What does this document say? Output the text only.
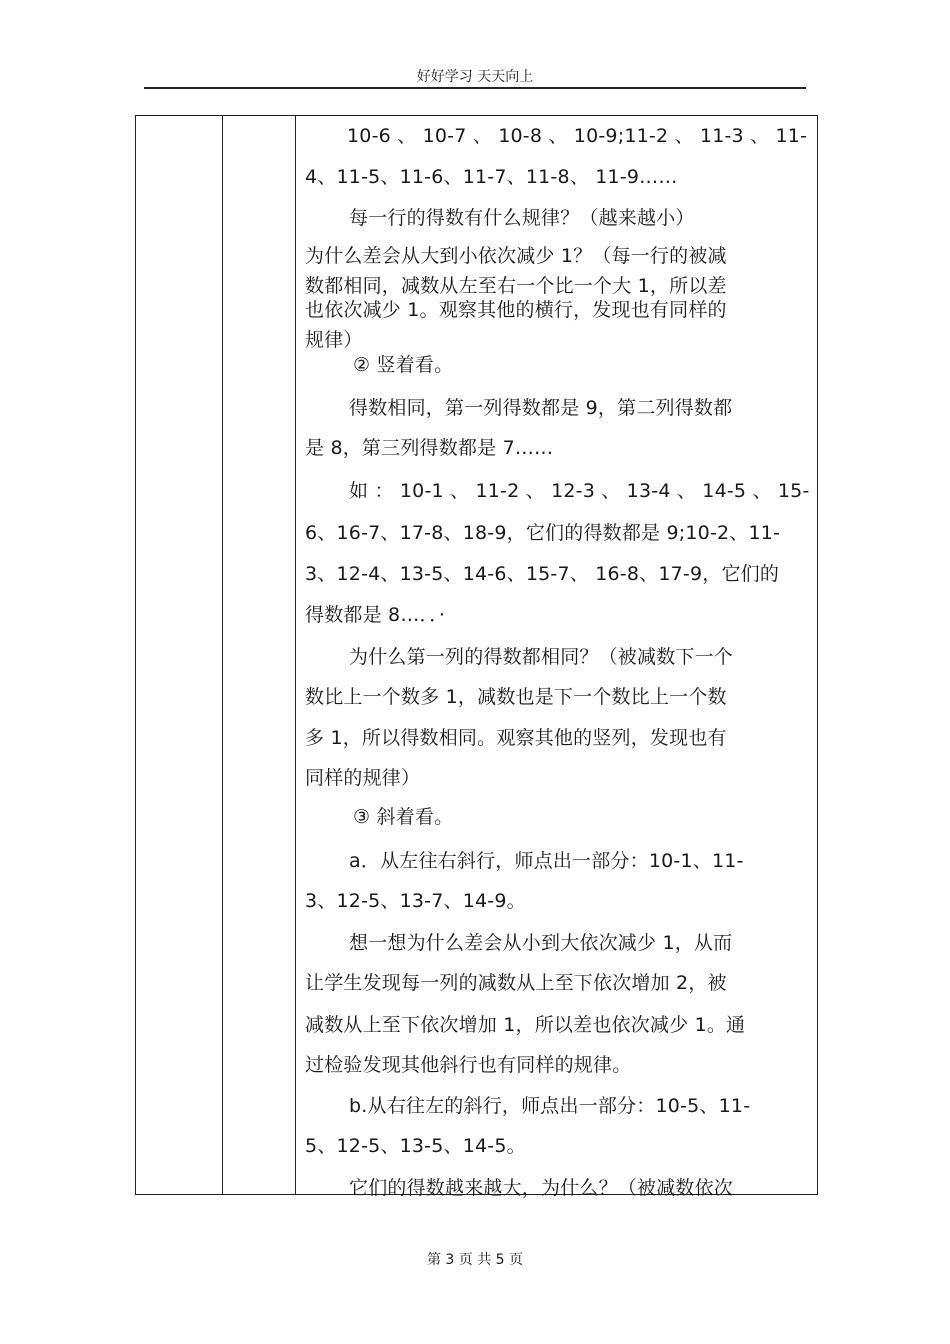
好好学习 天天向上
10-6 、 10-7 、 10-8 、 10-9;11-2 、 11-3 、 11-
4、11-5、11-6、11-7、11-8、 11-9……
每一行的得数有什么规律？（越来越小）
为什么差会从大到小依次减少 1？（每一行的被减
数都相同，减数从左至右一个比一个大 1，所以差
也依次减少 1。观察其他的横行，发现也有同样的
规律）
② 竖着看。
得数相同，第一列得数都是 9，第二列得数都
是 8，第三列得数都是 7……
如 ： 10-1 、 11-2 、 12-3 、 13-4 、 14-5 、 15-
6、16-7、17-8、18-9，它们的得数都是 9;10-2、11-
3、12-4、13-5、14-6、15-7、 16-8、17-9，它们的
得数都是 8…．．·
为什么第一列的得数都相同？（被减数下一个
数比上一个数多 1，减数也是下一个数比上一个数
多 1，所以得数相同。观察其他的竖列，发现也有
同样的规律）
③ 斜着看。
a．从左往右斜行，师点出一部分：10-1、11-
3、12-5、13-7、14-9。
想一想为什么差会从小到大依次减少 1，从而
让学生发现每一列的减数从上至下依次增加 2，被
减数从上至下依次增加 1，所以差也依次减少 1。通
过检验发现其他斜行也有同样的规律。
b.从右往左的斜行，师点出一部分：10-5、11-
5、12-5、13-5、14-5。
它们的得数越来越大，为什么？（被减数依次
第 3 页 共 5 页
